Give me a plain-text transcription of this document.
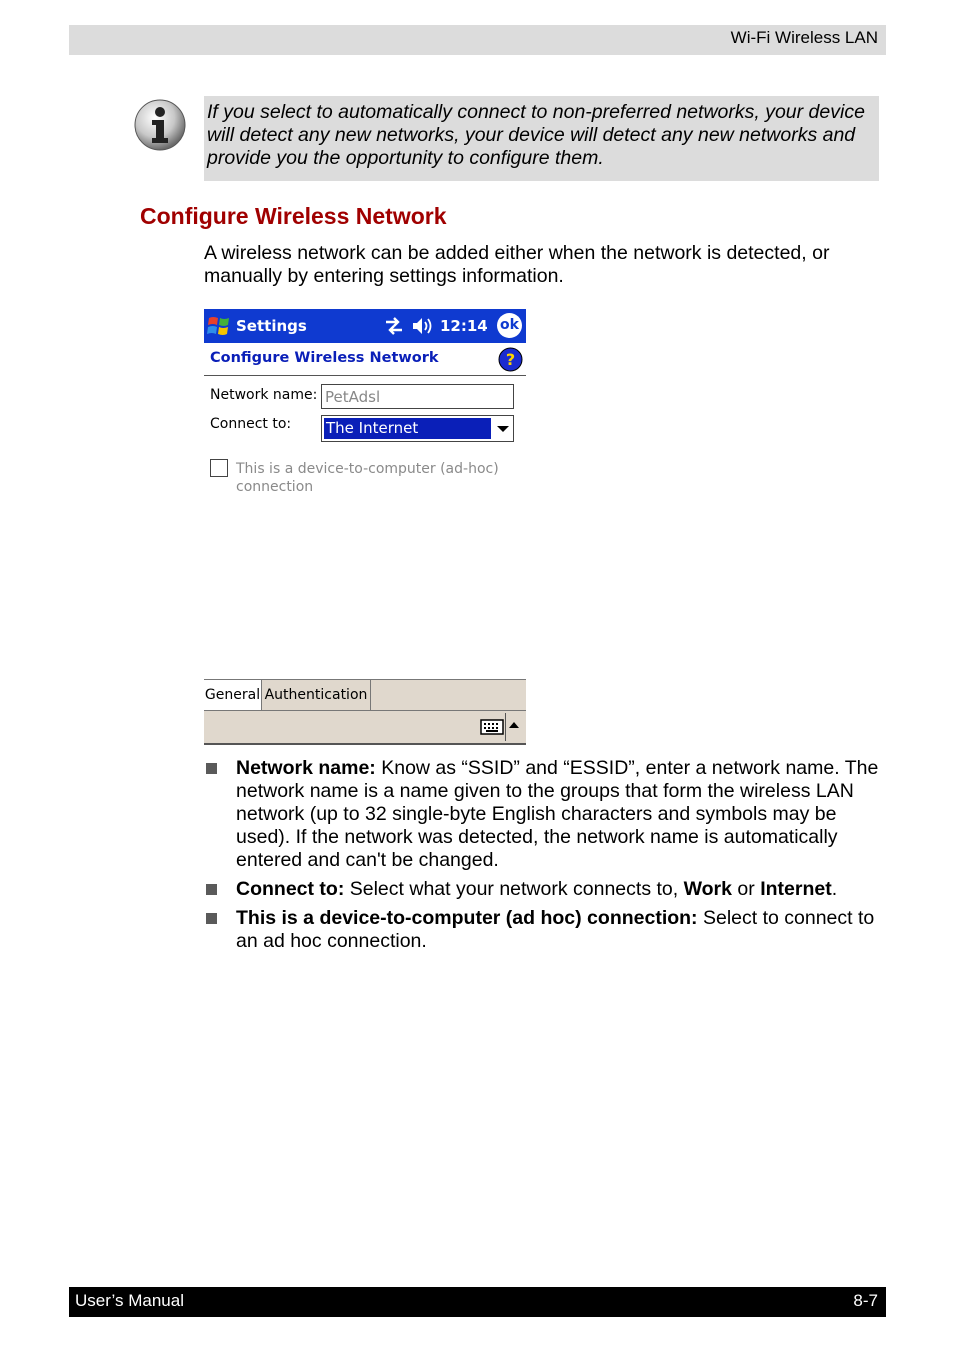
Wi-Fi Wireless LAN
If you select to automatically connect to non-preferred networks, your device will detect any new networks, your device will detect any new networks and provide you the opportunity to configure them.
Configure Wireless Network

A wireless network can be added either when the network is detected, or manually by entering settings information.

Settings	12:14 ok
Configure Wireless Network	?
Network name:
PetAdsl
Connect to: The Internet
This is a device-to-computer (ad-hoc) connection
General Authentication
Network name: Know as “SSID” and “ESSID”, enter a network name. The network name is a name given to the groups that form the wireless LAN network (up to 32 single-byte English characters and symbols may be used). If the network was detected, the network name is automatically entered and can't be changed.
Connect to: Select what your network connects to, Work or Internet.
This is a device-to-computer (ad hoc) connection: Select to connect to an ad hoc connection.
User’s Manual	8-7
